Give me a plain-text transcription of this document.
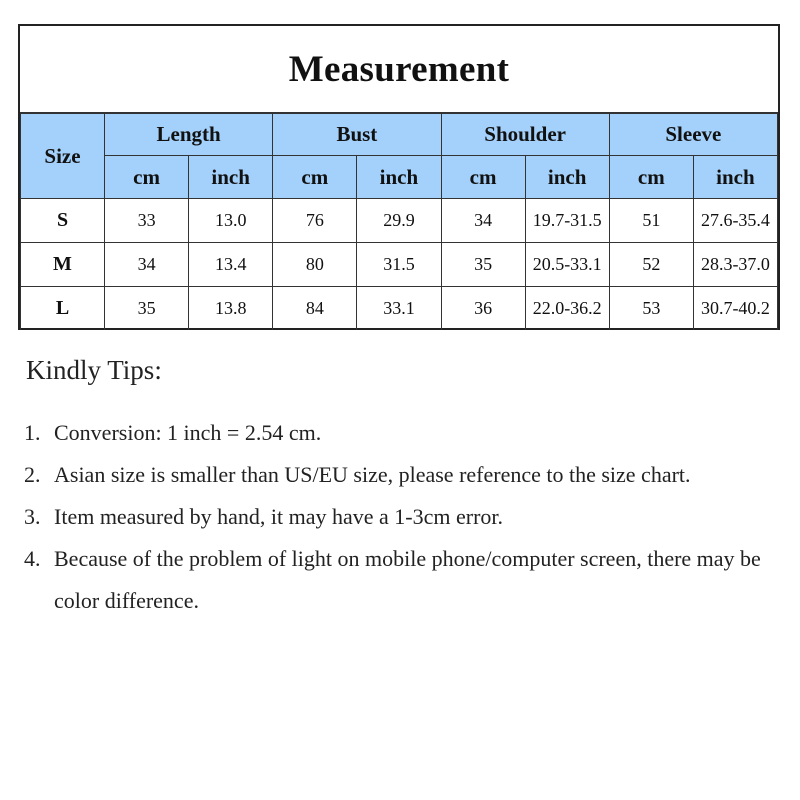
Measurement
Size	Length		Bust		Shoulder		Sleeve	
	cm	inch	cm	inch	cm	inch	cm	inch
S	33	13.0	76	29.9	34	19.7-31.5	51	27.6-35.4
M	34	13.4	80	31.5	35	20.5-33.1	52	28.3-37.0
L	35	13.8	84	33.1	36	22.0-36.2	53	30.7-40.2
Kindly Tips:
1. Conversion: 1 inch = 2.54 cm.
2. Asian size is smaller than US/EU size, please reference to the size chart.
3. Item measured by hand, it may have a 1-3cm error.
4. Because of the problem of light on mobile phone/computer screen, there may be color difference.
